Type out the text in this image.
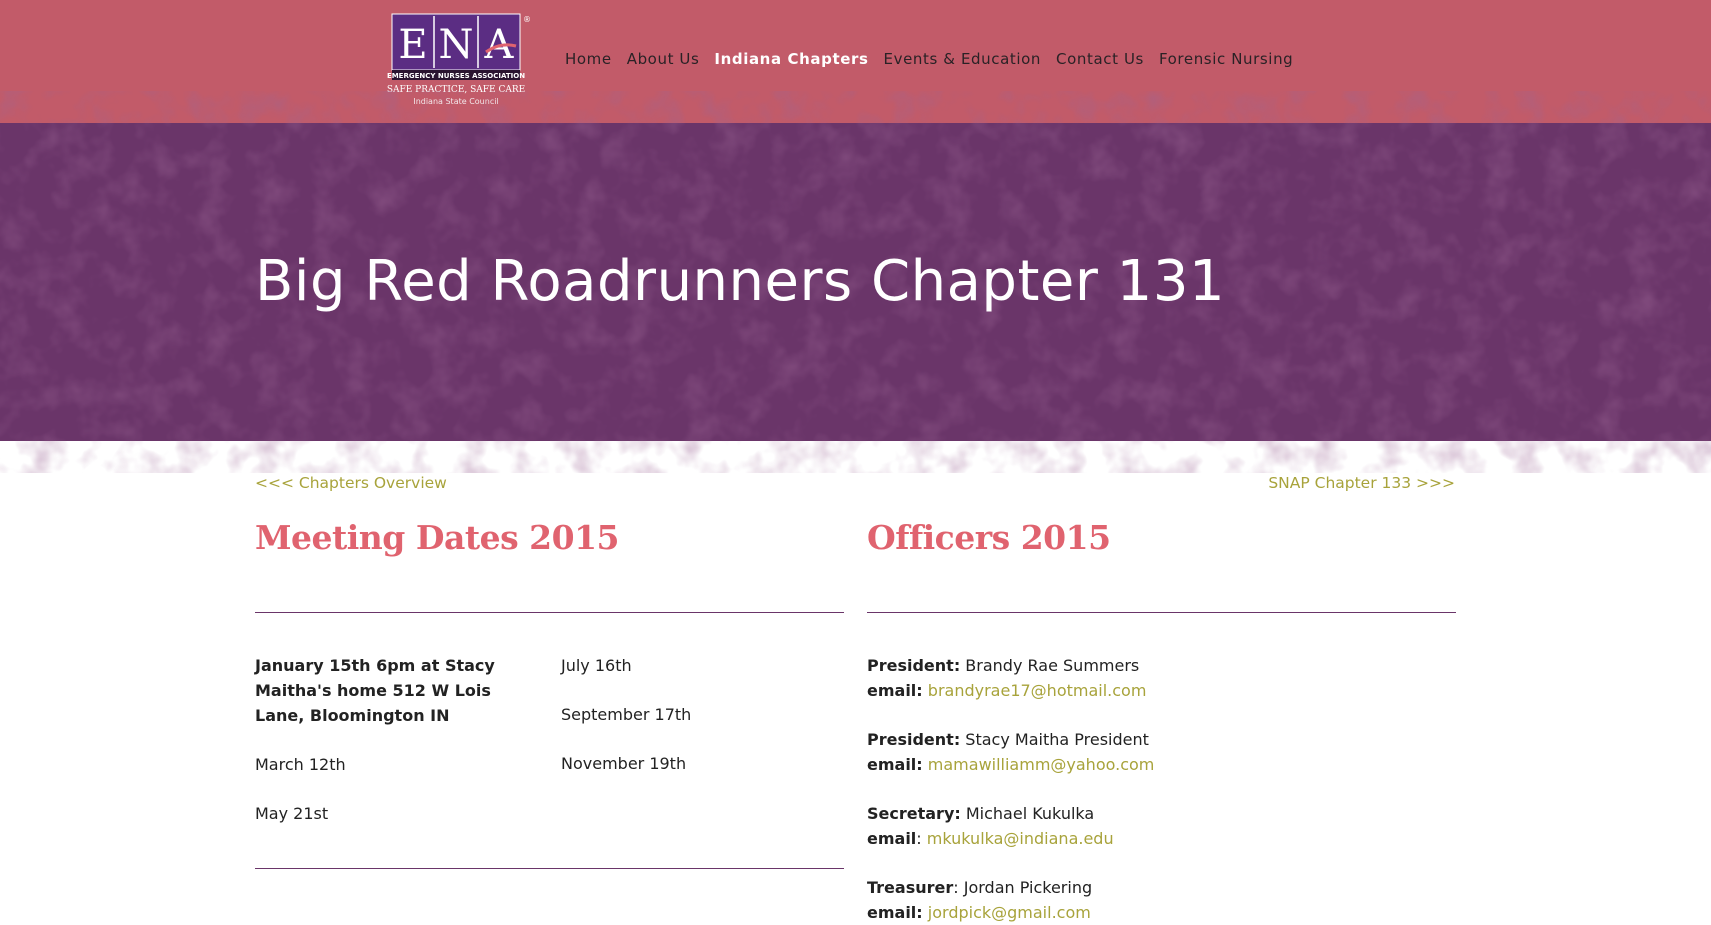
E N A
®
EMERGENCY NURSES ASSOCIATION
SAFE PRACTICE, SAFE CARE
Indiana State Council
Home About Us Indiana Chapters Events & Education Contact Us Forensic Nursing
Big Red Roadrunners Chapter 131
<<< Chapters Overview	SNAP Chapter 133 >>>
Meeting Dates 2015
January 15th 6pm at Stacy Maitha's home 512 W Lois Lane, Bloomington IN
March 12th
May 21st
July 16th
September 17th
November 19th
Officers 2015
President: Brandy Rae Summers
email: brandyrae17@hotmail.com
President: Stacy Maitha President
email: mamawilliamm@yahoo.com
Secretary: Michael Kukulka
email: mkukulka@indiana.edu
Treasurer: Jordan Pickering
email: jordpick@gmail.com
